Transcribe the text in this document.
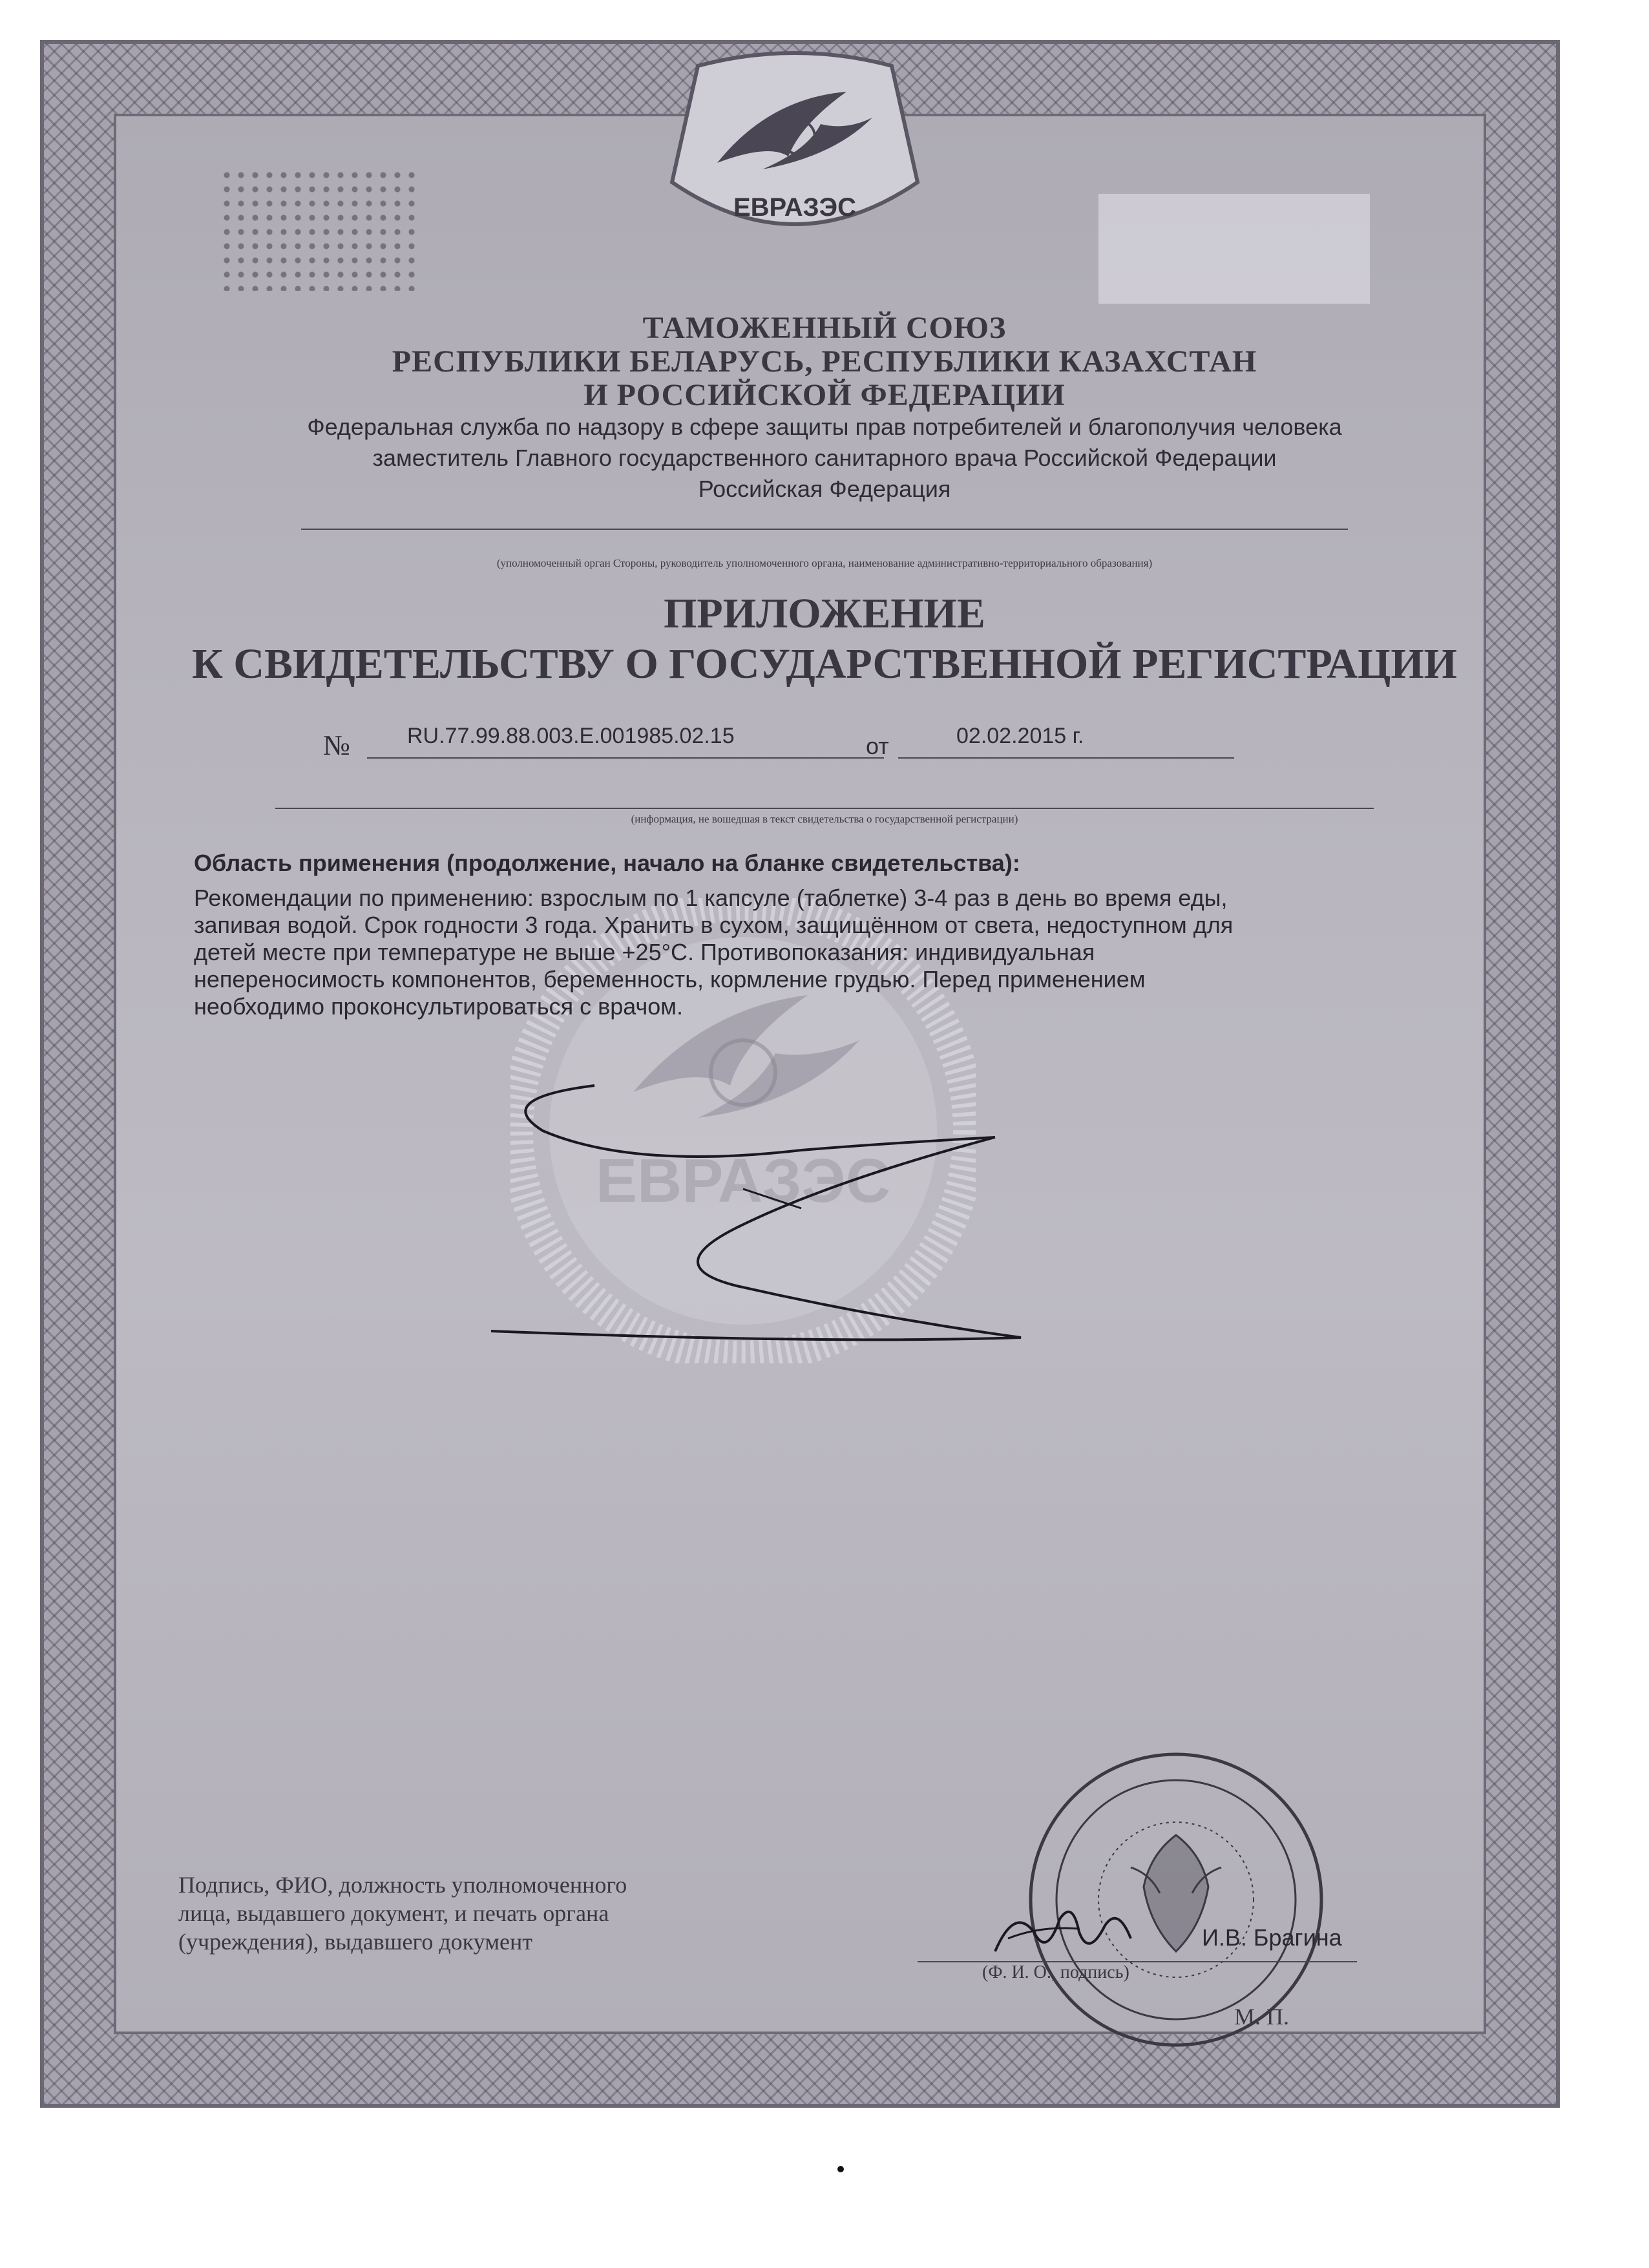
ЕВРАЗЭС
ТАМОЖЕННЫЙ СОЮЗ
РЕСПУБЛИКИ БЕЛАРУСЬ, РЕСПУБЛИКИ КАЗАХСТАН
И РОССИЙСКОЙ ФЕДЕРАЦИИ
Федеральная служба по надзору в сфере защиты прав потребителей и благополучия человека
заместитель Главного государственного санитарного врача Российской Федерации
Российская Федерация
(уполномоченный орган Стороны, руководитель уполномоченного органа, наименование административно-территориального образования)
ПРИЛОЖЕНИЕ
К СВИДЕТЕЛЬСТВУ О ГОСУДАРСТВЕННОЙ РЕГИСТРАЦИИ
№	RU.77.99.88.003.Е.001985.02.15	от	02.02.2015 г.
(информация, не вошедшая в текст свидетельства о государственной регистрации)
ЕВРАЗЭС
Область применения (продолжение, начало на бланке свидетельства):
Рекомендации по применению: взрослым по 1 капсуле (таблетке) 3-4 раз в день во время еды,
запивая водой. Срок годности 3 года. Хранить в сухом, защищённом от света, недоступном для
детей месте при температуре не выше +25°С. Противопоказания: индивидуальная
непереносимость компонентов, беременность, кормление грудью. Перед применением
необходимо проконсультироваться с врачом.
Подпись, ФИО, должность уполномоченного
лица, выдавшего документ, и печать органа
(учреждения), выдавшего документ	И.В. Брагина
(Ф. И. О., подпись)
М. П.
